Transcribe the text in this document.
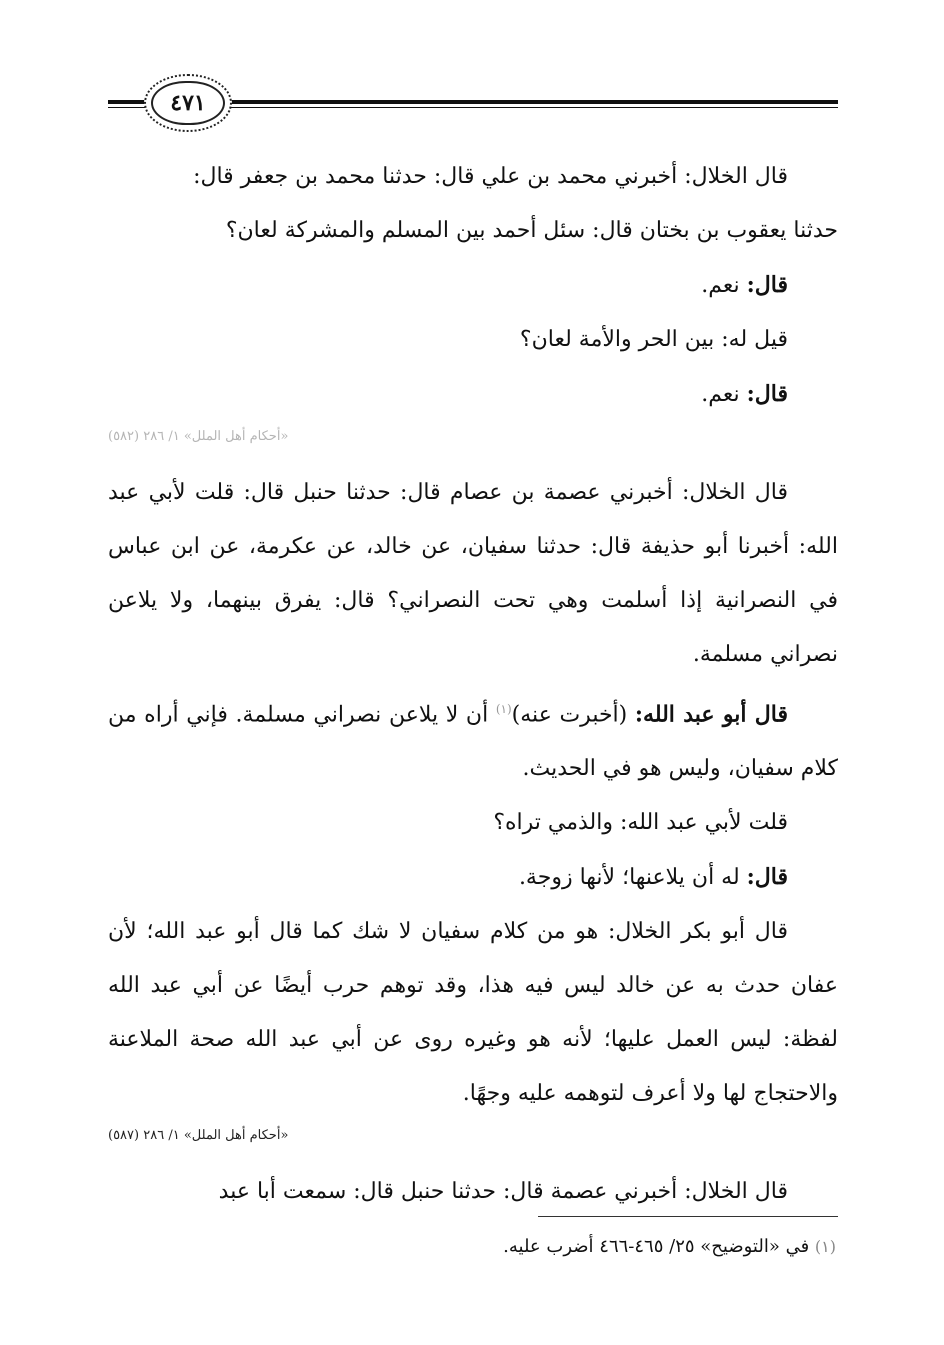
٤٧١

قال الخلال: أخبرني محمد بن علي قال: حدثنا محمد بن جعفر قال:
حدثنا يعقوب بن بختان قال: سئل أحمد بين المسلم والمشركة لعان؟

قال: نعم.

قيل له: بين الحر والأمة لعان؟

قال: نعم.

«أحكام أهل الملل» ١/ ٢٨٦ (٥٨٢)

قال الخلال: أخبرني عصمة بن عصام قال: حدثنا حنبل قال: قلت لأبي عبد الله: أخبرنا أبو حذيفة قال: حدثنا سفيان، عن خالد، عن عكرمة، عن ابن عباس في النصرانية إذا أسلمت وهي تحت النصراني؟ قال: يفرق بينهما، ولا يلاعن نصراني مسلمة.

قال أبو عبد الله: (أخبرت عنه)$^{(١)}$ أن لا يلاعن نصراني مسلمة. فإني أراه من كلام سفيان، وليس هو في الحديث.

قلت لأبي عبد الله: والذمي تراه؟

قال: له أن يلاعنها؛ لأنها زوجة.

قال أبو بكر الخلال: هو من كلام سفيان لا شك كما قال أبو عبد الله؛ لأن عفان حدث به عن خالد ليس فيه هذا، وقد توهم حرب أيضًا عن أبي عبد الله لفظة: ليس العمل عليها؛ لأنه هو وغيره روى عن أبي عبد الله صحة الملاعنة والاحتجاج لها ولا أعرف لتوهمه عليه وجهًا.

«أحكام أهل الملل» ١/ ٢٨٦ (٥٨٧)

قال الخلال: أخبرني عصمة قال: حدثنا حنبل قال: سمعت أبا عبد

(١) في «التوضيح» ٢٥/ ٤٦٥-٤٦٦ أضرب عليه.
